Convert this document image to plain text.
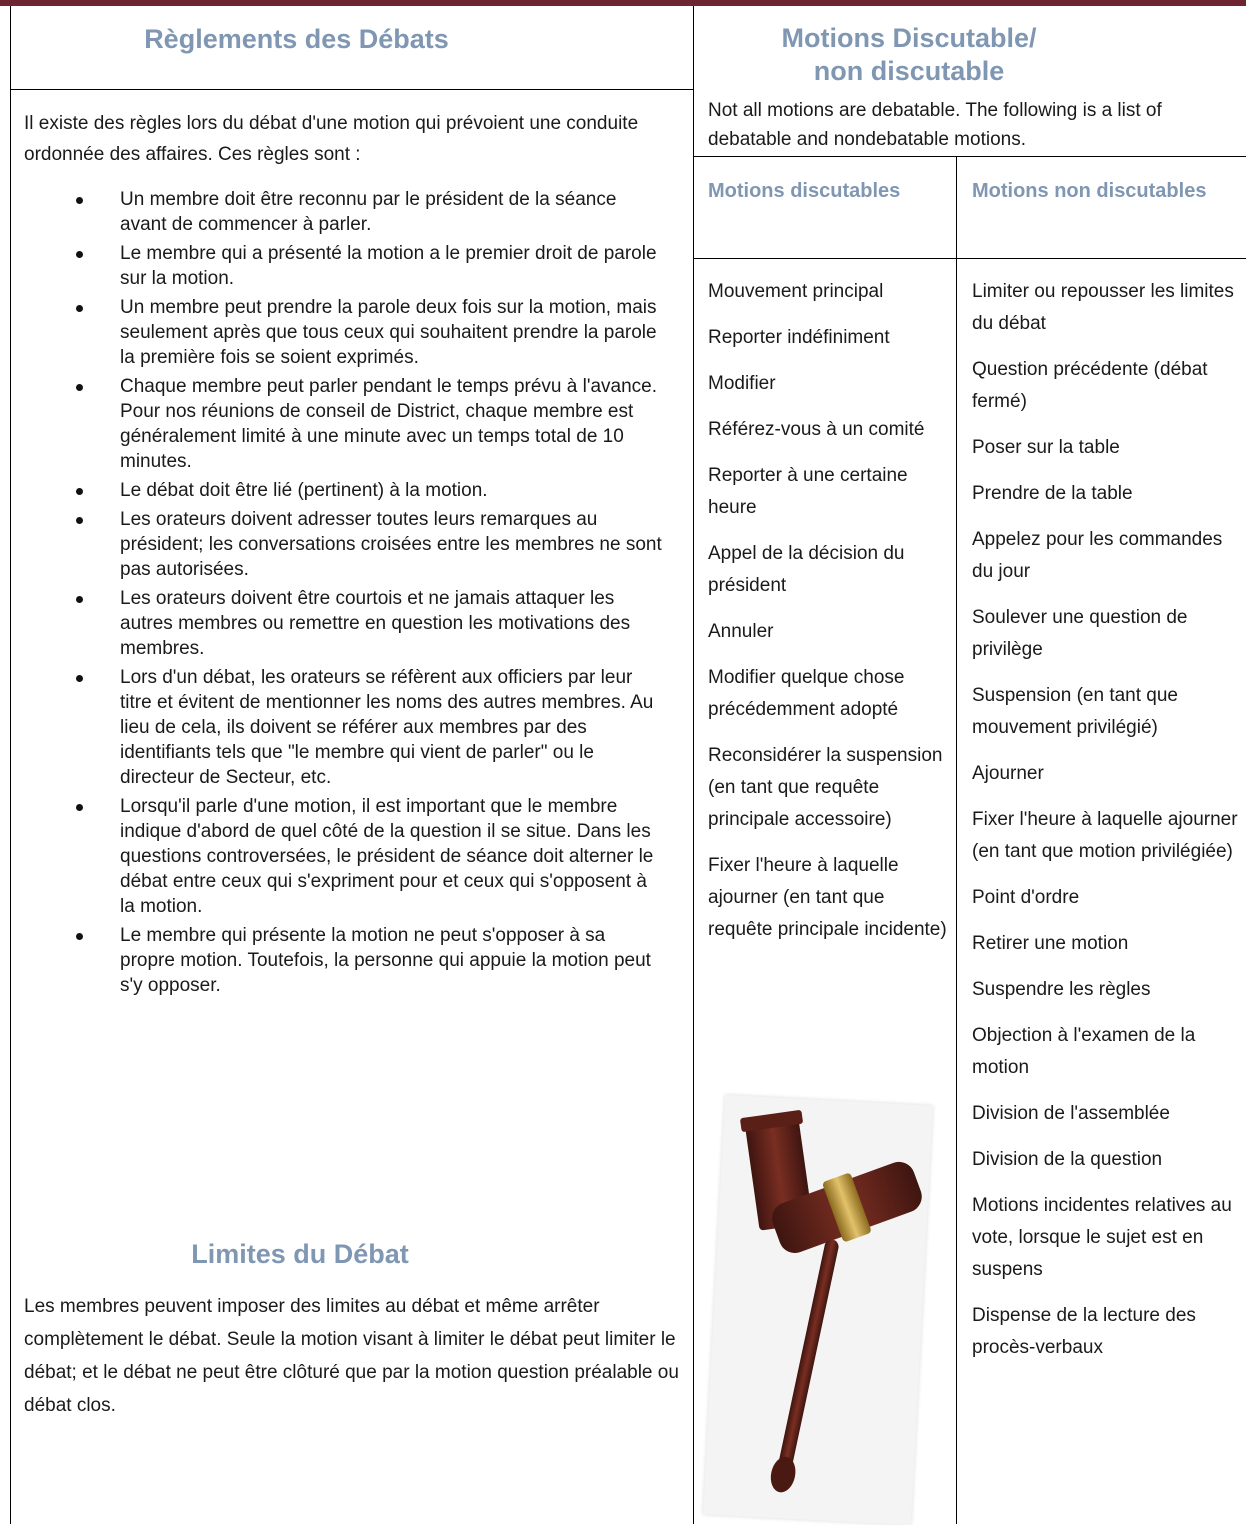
Règlements des Débats
Il existe des règles lors du débat d'une motion qui prévoient une conduite ordonnée des affaires. Ces règles sont :
Un membre doit être reconnu par le président de la séance avant de commencer à parler.
Le membre qui a présenté la motion a le premier droit de parole sur la motion.
Un membre peut prendre la parole deux fois sur la motion, mais seulement après que tous ceux qui souhaitent prendre la parole la première fois se soient exprimés.
Chaque membre peut parler pendant le temps prévu à l'avance. Pour nos réunions de conseil de District, chaque membre est généralement limité à une minute avec un temps total de 10 minutes.
Le débat doit être lié (pertinent) à la motion.
Les orateurs doivent adresser toutes leurs remarques au président; les conversations croisées entre les membres ne sont pas autorisées.
Les orateurs doivent être courtois et ne jamais attaquer les autres membres ou remettre en question les motivations des membres.
Lors d'un débat, les orateurs se réfèrent aux officiers par leur titre et évitent de mentionner les noms des autres membres. Au lieu de cela, ils doivent se référer aux membres par des identifiants tels que "le membre qui vient de parler" ou le directeur de Secteur, etc.
Lorsqu'il parle d'une motion, il est important que le membre indique d'abord de quel côté de la question il se situe. Dans les questions controversées, le président de séance doit alterner le débat entre ceux qui s'expriment pour et ceux qui s'opposent à la motion.
Le membre qui présente la motion ne peut s'opposer à sa propre motion. Toutefois, la personne qui appuie la motion peut s'y opposer.
Limites du Débat
Les membres peuvent imposer des limites au débat et même arrêter complètement le débat. Seule la motion visant à limiter le débat peut limiter le débat; et le débat ne peut être clôturé que par la motion question préalable ou débat clos.
Motions Discutable/
non discutable
Not all motions are debatable. The following is a list of debatable and nondebatable motions.
Motions discutables	Motions non discutables
Mouvement principal
Reporter indéfiniment
Modifier
Référez-vous à un comité
Reporter à une certaine heure
Appel de la décision du président
Annuler
Modifier quelque chose précédemment adopté
Reconsidérer la suspension (en tant que requête principale accessoire)
Fixer l'heure à laquelle ajourner (en tant que requête principale incidente)
Limiter ou repousser les limites du débat
Question précédente (débat fermé)
Poser sur la table
Prendre de la table
Appelez pour les commandes du jour
Soulever une question de privilège
Suspension (en tant que mouvement privilégié)
Ajourner
Fixer l'heure à laquelle ajourner (en tant que motion privilégiée)
Point d'ordre
Retirer une motion
Suspendre les règles
Objection à l'examen de la motion
Division de l'assemblée
Division de la question
Motions incidentes relatives au vote, lorsque le sujet est en suspens
Dispense de la lecture des procès-verbaux
